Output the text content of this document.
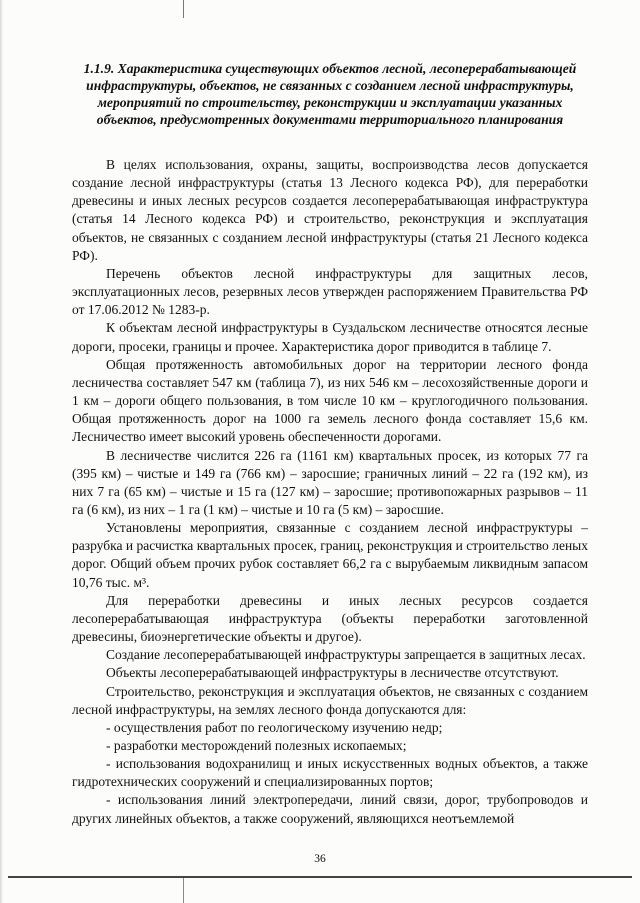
1.1.9. Характеристика существующих объектов лесной, лесоперерабатывающей инфраструктуры, объектов, не связанных с созданием лесной инфраструктуры, мероприятий по строительству, реконструкции и эксплуатации указанных объектов, предусмотренных документами территориального планирования

В целях использования, охраны, защиты, воспроизводства лесов допускается создание лесной инфраструктуры (статья 13 Лесного кодекса РФ), для переработки древесины и иных лесных ресурсов создается лесоперерабатывающая инфраструктура (статья 14 Лесного кодекса РФ) и строительство, реконструкция и эксплуатация объектов, не связанных с созданием лесной инфраструктуры (статья 21 Лесного кодекса РФ).

Перечень объектов лесной инфраструктуры для защитных лесов, эксплуатационных лесов, резервных лесов утвержден распоряжением Правительства РФ от 17.06.2012 № 1283-р.

К объектам лесной инфраструктуры в Суздальском лесничестве относятся лесные дороги, просеки, границы и прочее. Характеристика дорог приводится в таблице 7.

Общая протяженность автомобильных дорог на территории лесного фонда лесничества составляет 547 км (таблица 7), из них 546 км – лесохозяйственные дороги и 1 км – дороги общего пользования, в том числе 10 км – круглогодичного пользования. Общая протяженность дорог на 1000 га земель лесного фонда составляет 15,6 км. Лесничество имеет высокий уровень обеспеченности дорогами.

В лесничестве числится 226 га (1161 км) квартальных просек, из которых 77 га (395 км) – чистые и 149 га (766 км) – заросшие; граничных линий – 22 га (192 км), из них 7 га (65 км) – чистые и 15 га (127 км) – заросшие; противопожарных разрывов – 11 га (6 км), из них – 1 га (1 км) – чистые и 10 га (5 км) – заросшие.

Установлены мероприятия, связанные с созданием лесной инфраструктуры – разрубка и расчистка квартальных просек, границ, реконструкция и строительство леных дорог. Общий объем прочих рубок составляет 66,2 га с вырубаемым ликвидным запасом 10,76 тыс. м³.

Для переработки древесины и иных лесных ресурсов создается лесоперерабатывающая инфраструктура (объекты переработки заготовленной древесины, биоэнергетические объекты и другое).

Создание лесоперерабатывающей инфраструктуры запрещается в защитных лесах.

Объекты лесоперерабатывающей инфраструктуры в лесничестве отсутствуют.

Строительство, реконструкция и эксплуатация объектов, не связанных с созданием лесной инфраструктуры, на землях лесного фонда допускаются для:

- осуществления работ по геологическому изучению недр;

- разработки месторождений полезных ископаемых;

- использования водохранилищ и иных искусственных водных объектов, а также гидротехнических сооружений и специализированных портов;

- использования линий электропередачи, линий связи, дорог, трубопроводов и других линейных объектов, а также сооружений, являющихся неотъемлемой

36
